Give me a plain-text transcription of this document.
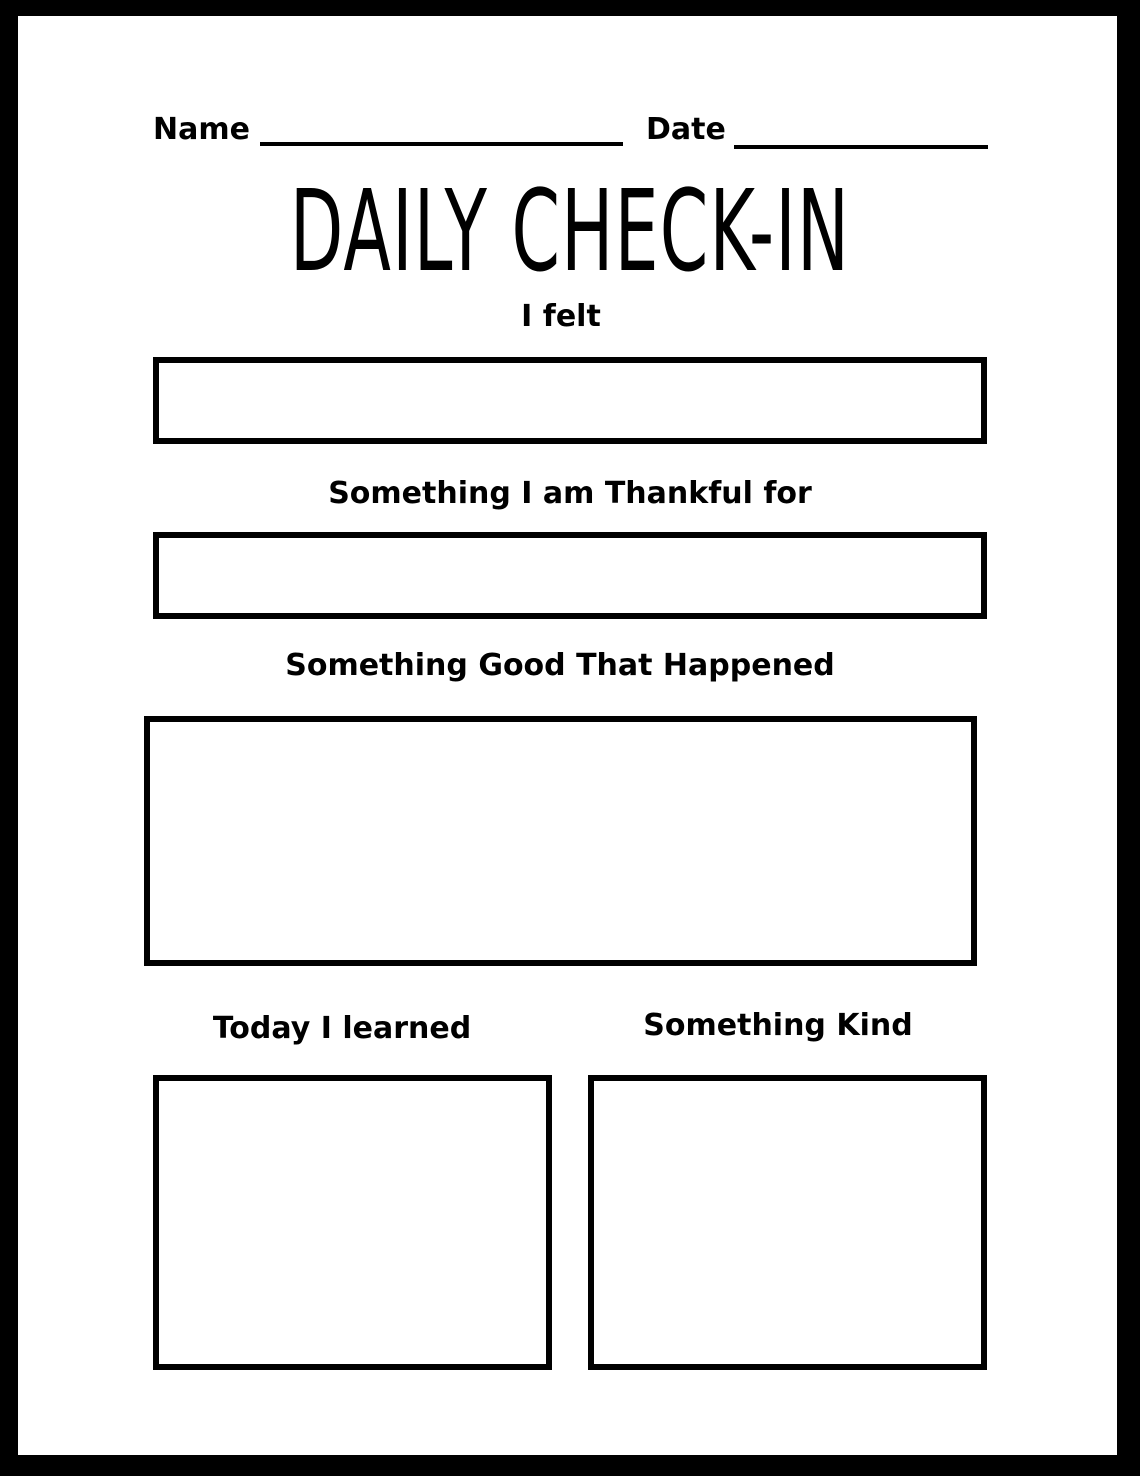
Name	Date
DAILY CHECK-IN
I felt
Something I am Thankful for
Something Good That Happened
Today I learned	Something Kind
